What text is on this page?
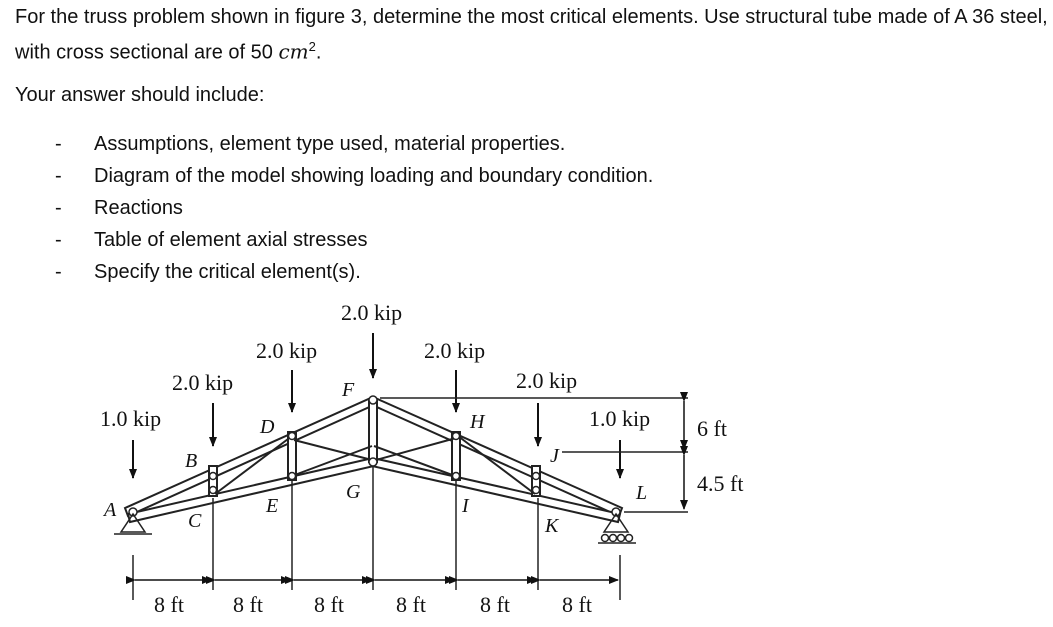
For the truss problem shown in figure 3, determine the most critical elements. Use structural tube made of A 36 steel, with cross sectional are of 50 $cm^2$.
Your answer should include:
- Assumptions, element type used, material properties.
- Diagram of the model showing loading and boundary condition.
- Reactions
- Table of element axial stresses
- Specify the critical element(s).
1.0 kip
2.0 kip
2.0 kip
2.0 kip
2.0 kip
2.0 kip
1.0 kip
A
B
C
D
E
F
G
H
I
J
K
L
8 ft 8 ft 8 ft 8 ft 8 ft 8 ft
6 ft
4.5 ft
